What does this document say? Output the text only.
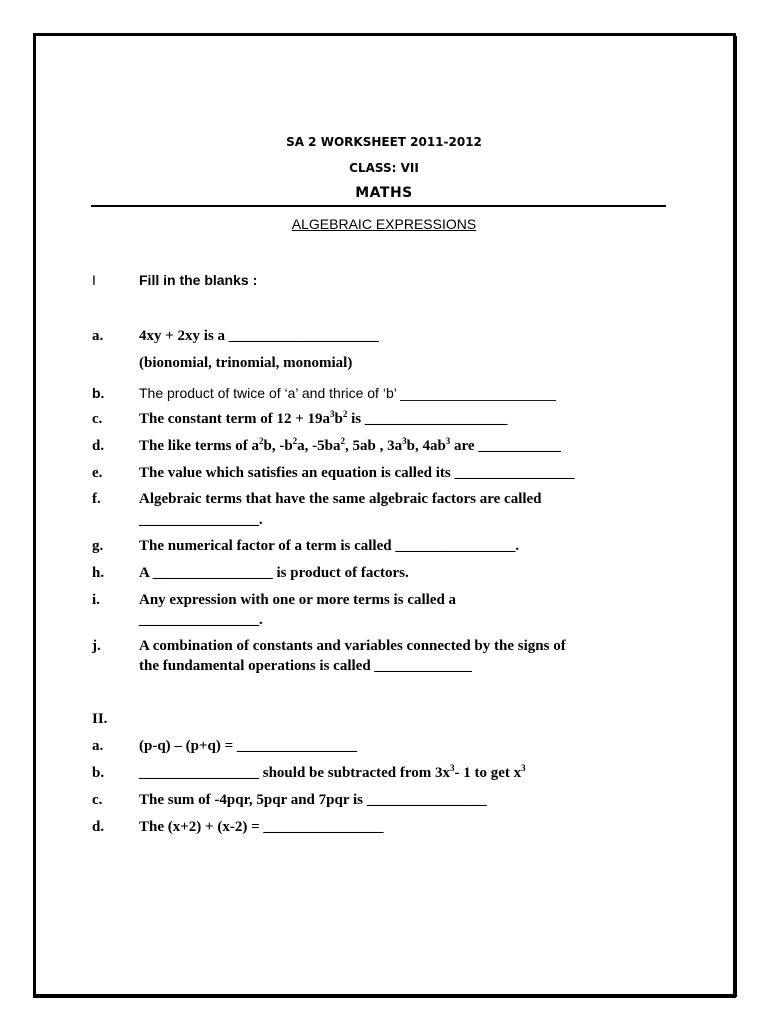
SA 2 WORKSHEET 2011-2012
CLASS: VII
MATHS
ALGEBRAIC EXPRESSIONS
I	Fill in the blanks :
a. 4xy + 2xy is a ____________________
(bionomial, trinomial, monomial)
b. The product of twice of ‘a’ and thrice of ‘b’ ____________________
c. The constant term of $12 + 19a^3b^2$ is ___________________
d. The like terms of $a^2b$, $-b^2a$, $-5ba^2$, 5ab , $3a^3b$, $4ab^3$ are ___________
e. The value which satisfies an equation is called its ________________
f.	Algebraic terms that have the same algebraic factors are called
________________.
g. The numerical factor of a term is called ________________.
h. A ________________ is product of factors.
i.	Any expression with one or more terms is called a
________________.
j.	A combination of constants and variables connected by the signs of
the fundamental operations is called _____________
II.
a. (p-q) – (p+q) = ________________
b. ________________ should be subtracted from $3x^3-$ 1 to get $x^3$
c. The sum of -4pqr, 5pqr and 7pqr is ________________
d. The (x+2) + (x-2) = ________________
